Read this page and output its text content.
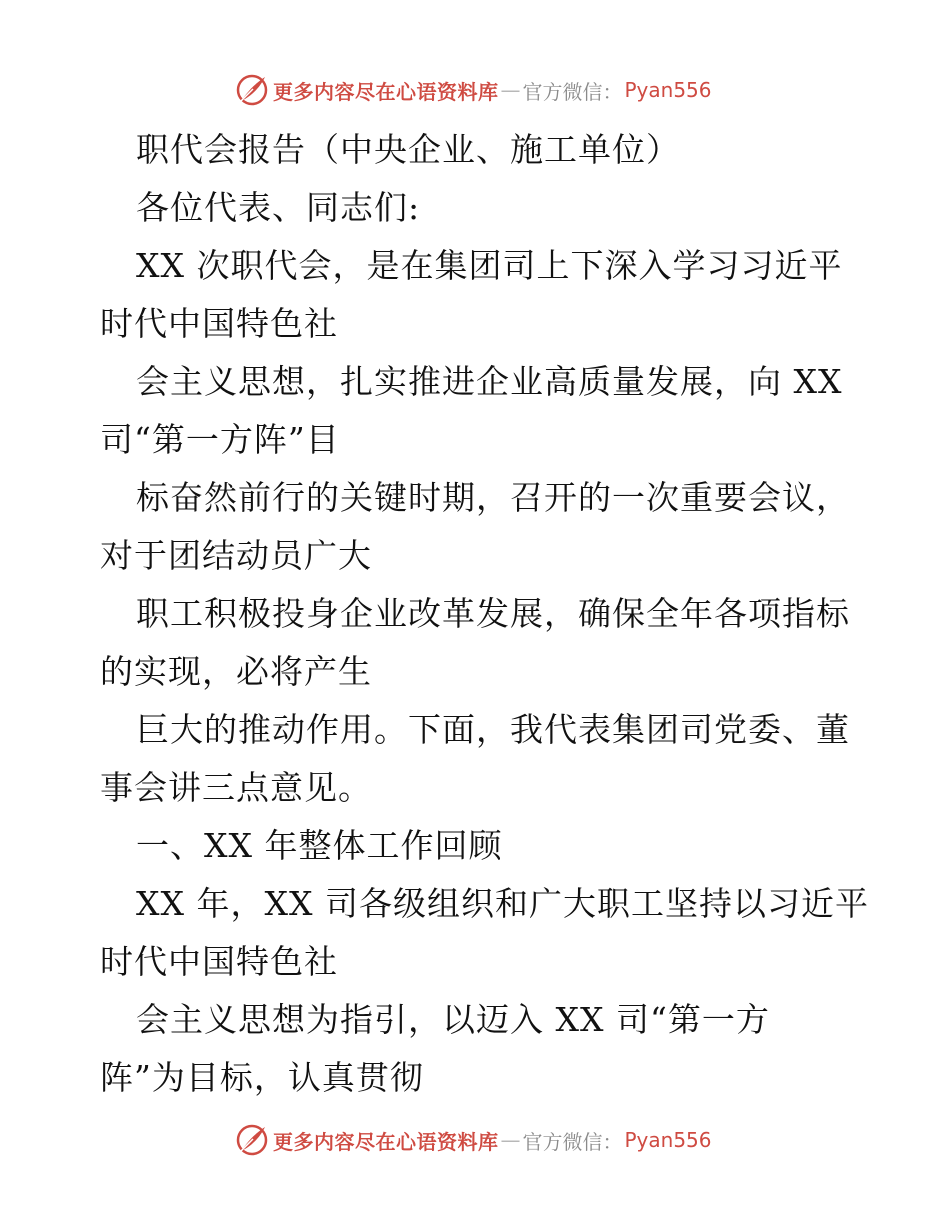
更多内容尽在心语资料库 — 官方微信： Pyan556
职代会报告（中央企业、施工单位）
各位代表、同志们:
XX 次职代会，是在集团司上下深入学习习近平
时代中国特色社
会主义思想，扎实推进企业高质量发展，向 XX
司“第一方阵”目
标奋然前行的关键时期，召开的一次重要会议，
对于团结动员广大
职工积极投身企业改革发展，确保全年各项指标
的实现，必将产生
巨大的推动作用。下面，我代表集团司党委、董
事会讲三点意见。
一、XX 年整体工作回顾
XX 年，XX 司各级组织和广大职工坚持以习近平
时代中国特色社
会主义思想为指引，以迈入 XX 司“第一方
阵”为目标，认真贯彻
更多内容尽在心语资料库 — 官方微信： Pyan556
